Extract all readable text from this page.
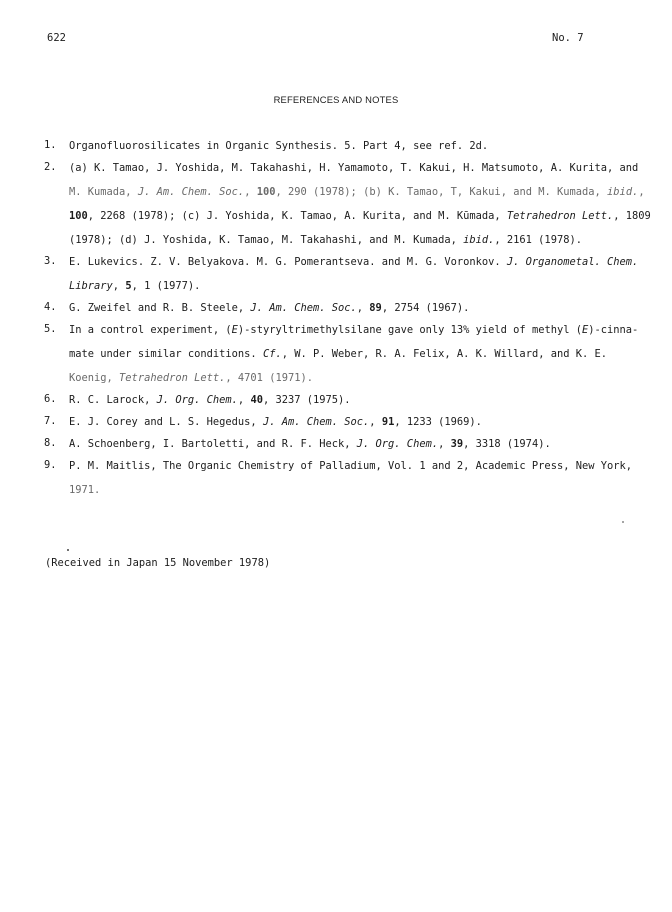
622	No. 7
REFERENCES AND NOTES
1.	Organofluorosilicates in Organic Synthesis. 5. Part 4, see ref. 2d.
2.	(a) K. Tamao, J. Yoshida, M. Takahashi, H. Yamamoto, T. Kakui, H. Matsumoto, A. Kurita, and
M. Kumada, J. Am. Chem. Soc., 100, 290 (1978); (b) K. Tamao, T, Kakui, and M. Kumada, ibid.,
100, 2268 (1978); (c) J. Yoshida, K. Tamao, A. Kurita, and M. Kūmada, Tetrahedron Lett., 1809
(1978); (d) J. Yoshida, K. Tamao, M. Takahashi, and M. Kumada, ibid., 2161 (1978).
3.	E. Lukevics. Z. V. Belyakova. M. G. Pomerantseva. and M. G. Voronkov. J. Organometal. Chem.
Library, 5, 1 (1977).
4.	G. Zweifel and R. B. Steele, J. Am. Chem. Soc., 89, 2754 (1967).
5.	In a control experiment, (E)-styryltrimethylsilane gave only 13% yield of methyl (E)-cinna-
mate under similar conditions. Cf., W. P. Weber, R. A. Felix, A. K. Willard, and K. E.
Koenig, Tetrahedron Lett., 4701 (1971).
6.	R. C. Larock, J. Org. Chem., 40, 3237 (1975).
7.	E. J. Corey and L. S. Hegedus, J. Am. Chem. Soc., 91, 1233 (1969).
8.	A. Schoenberg, I. Bartoletti, and R. F. Heck, J. Org. Chem., 39, 3318 (1974).
9.	P. M. Maitlis, The Organic Chemistry of Palladium, Vol. 1 and 2, Academic Press, New York,
1971.
(Received in Japan 15 November 1978)
